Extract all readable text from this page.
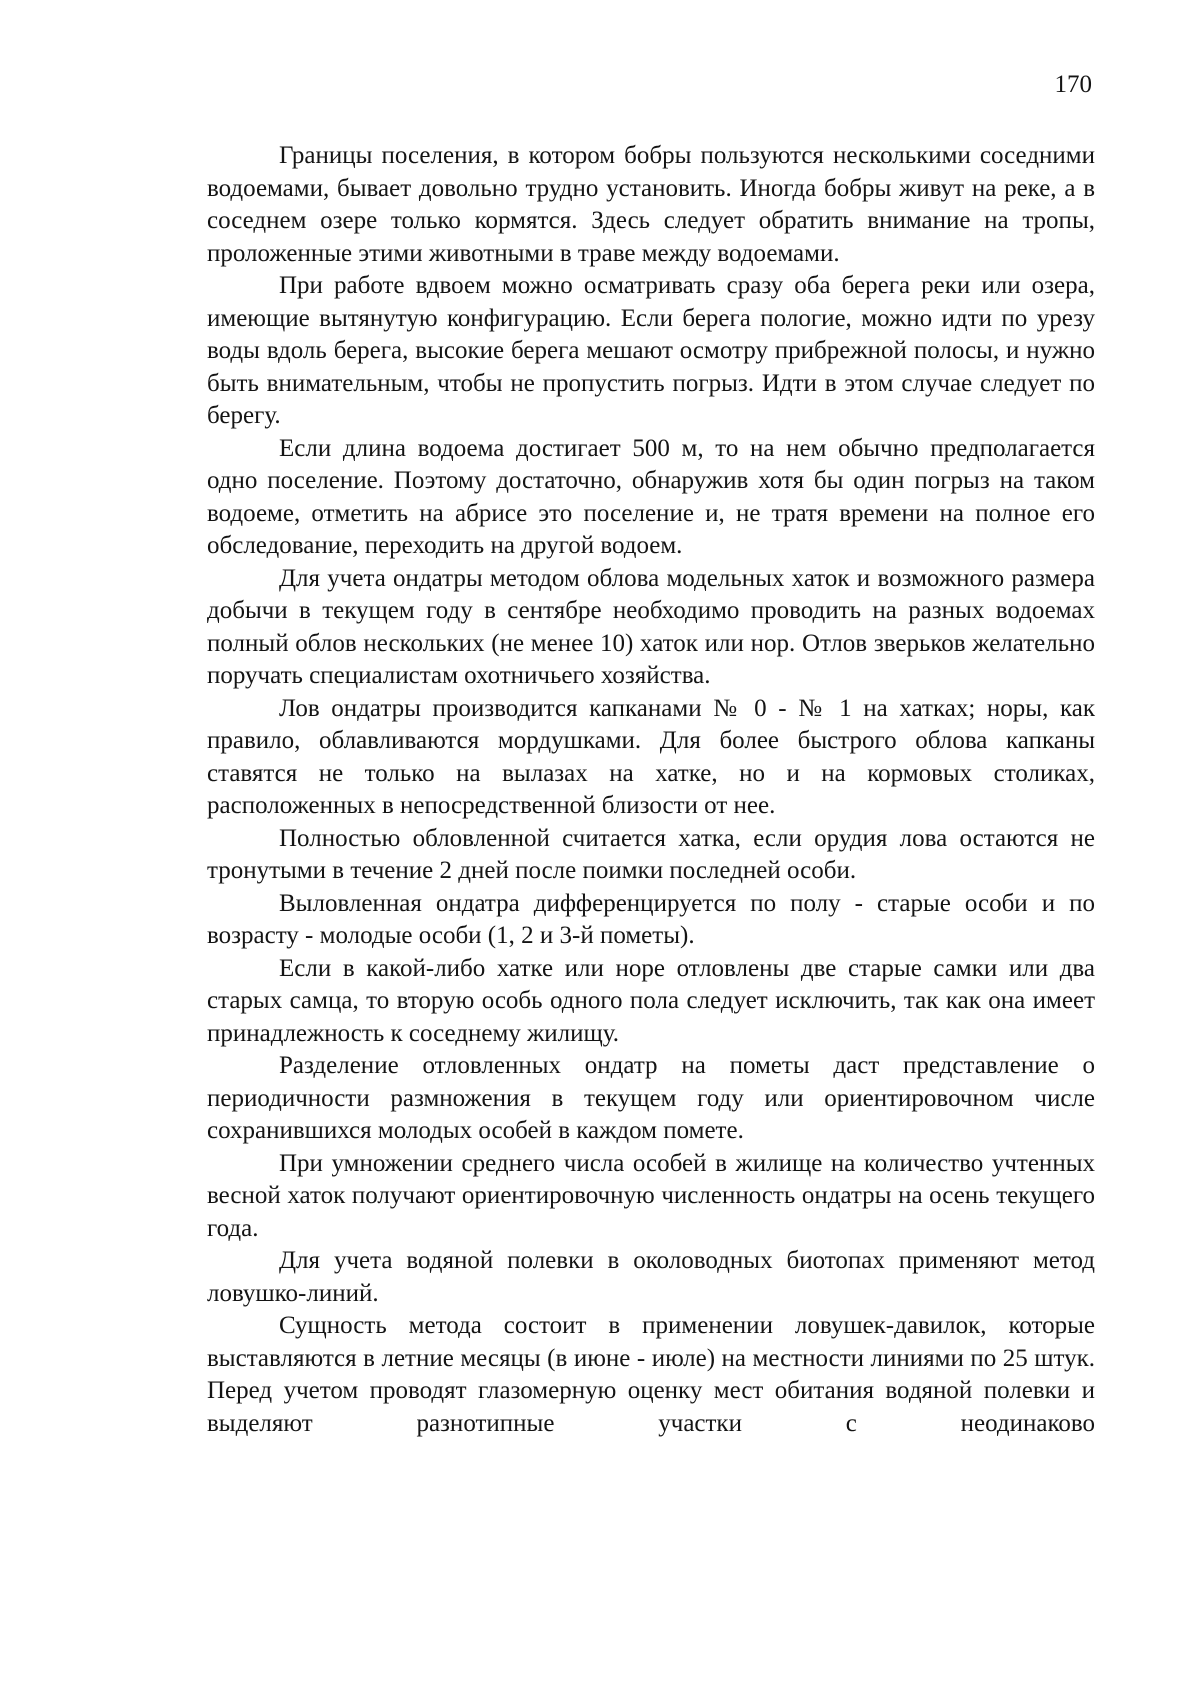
170

Границы поселения, в котором бобры пользуются несколькими соседними водоемами, бывает довольно трудно установить. Иногда бобры живут на реке, а в соседнем озере только кормятся. Здесь следует обратить внимание на тропы, проложенные этими животными в траве между водоемами.

При работе вдвоем можно осматривать сразу оба берега реки или озера, имеющие вытянутую конфигурацию. Если берега пологие, можно идти по урезу воды вдоль берега, высокие берега мешают осмотру прибрежной полосы, и нужно быть внимательным, чтобы не пропустить погрыз. Идти в этом случае следует по берегу.

Если длина водоема достигает 500 м, то на нем обычно предполагается одно поселение. Поэтому достаточно, обнаружив хотя бы один погрыз на таком водоеме, отметить на абрисе это поселение и, не тратя времени на полное его обследование, переходить на другой водоем.

Для учета ондатры методом облова модельных хаток и возможного размера добычи в текущем году в сентябре необходимо проводить на разных водоемах полный облов нескольких (не менее 10) хаток или нор. Отлов зверьков желательно поручать специалистам охотничьего хозяйства.

Лов ондатры производится капканами № 0 - № 1 на хатках; норы, как правило, облавливаются мордушками. Для более быстрого облова капканы ставятся не только на вылазах на хатке, но и на кормовых столиках, расположенных в непосредственной близости от нее.

Полностью обловленной считается хатка, если орудия лова остаются не тронутыми в течение 2 дней после поимки последней особи.

Выловленная ондатра дифференцируется по полу - старые особи и по возрасту - молодые особи (1, 2 и 3-й пометы).

Если в какой-либо хатке или норе отловлены две старые самки или два старых самца, то вторую особь одного пола следует исключить, так как она имеет принадлежность к соседнему жилищу.

Разделение отловленных ондатр на пометы даст представление о периодичности размножения в текущем году или ориентировочном числе сохранившихся молодых особей в каждом помете.

При умножении среднего числа особей в жилище на количество учтенных весной хаток получают ориентировочную численность ондатры на осень текущего года.

Для учета водяной полевки в околоводных биотопах применяют метод ловушко-линий.

Сущность метода состоит в применении ловушек-давилок, которые выставляются в летние месяцы (в июне - июле) на местности линиями по 25 штук. Перед учетом проводят глазомерную оценку мест обитания водяной полевки и выделяют разнотипные участки с неодинаково
